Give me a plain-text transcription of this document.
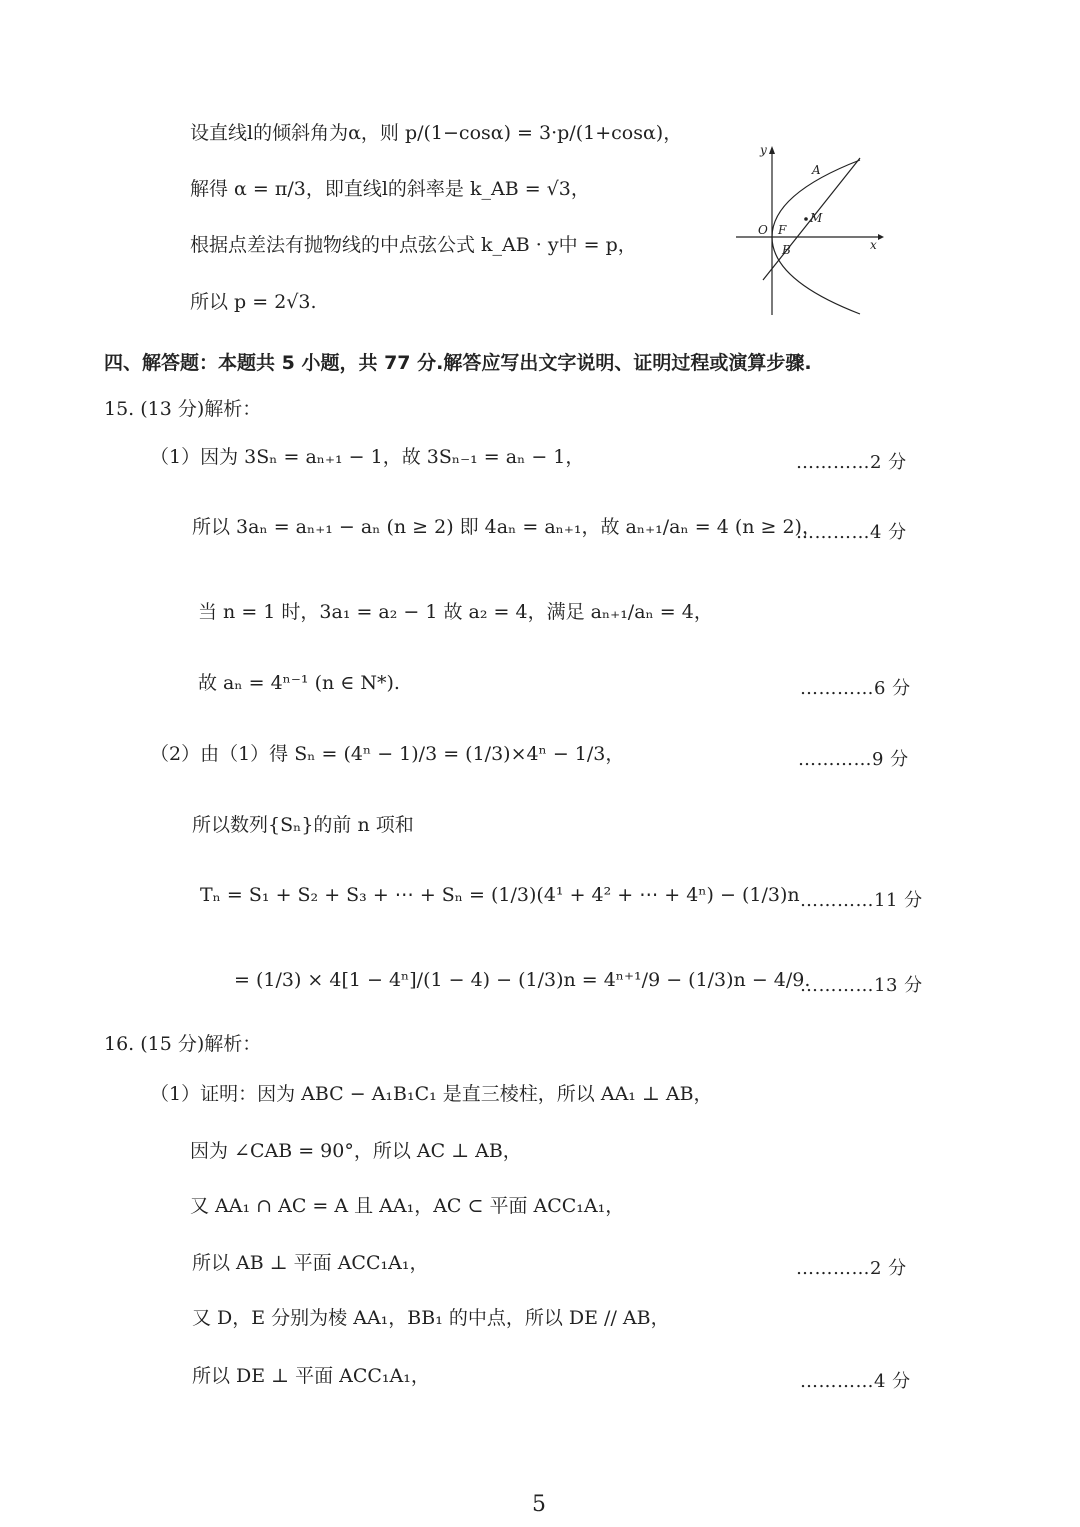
设直线l的倾斜角为α，则 p/(1−cosα) = 3·p/(1+cosα)，
解得 α = π/3，即直线l的斜率是 k_AB = √3，
根据点差法有抛物线的中点弦公式 k_AB · y中 = p，
所以 p = 2√3.
y
x
O F
M
A
B
四、解答题：本题共 5 小题，共 77 分.解答应写出文字说明、证明过程或演算步骤.
15. (13 分)解析：
（1）因为 3Sₙ = aₙ₊₁ − 1，故 3Sₙ₋₁ = aₙ − 1，	…………2 分
所以 3aₙ = aₙ₊₁ − aₙ (n ≥ 2) 即 4aₙ = aₙ₊₁，故 aₙ₊₁/aₙ = 4 (n ≥ 2)，
…………4 分
当 n = 1 时，3a₁ = a₂ − 1 故 a₂ = 4，满足 aₙ₊₁/aₙ = 4，
故 aₙ = 4ⁿ⁻¹ (n ∈ N*).	…………6 分
（2）由（1）得 Sₙ = (4ⁿ − 1)/3 = (1/3)×4ⁿ − 1/3，	…………9 分
所以数列{Sₙ}的前 n 项和
Tₙ = S₁ + S₂ + S₃ + ⋯ + Sₙ = (1/3)(4¹ + 4² + ⋯ + 4ⁿ) − (1/3)n …………11 分
= (1/3) × 4[1 − 4ⁿ]/(1 − 4) − (1/3)n = 4ⁿ⁺¹/9 − (1/3)n − 4/9.
…………13 分
16. (15 分)解析：
（1）证明：因为 ABC − A₁B₁C₁ 是直三棱柱，所以 AA₁ ⊥ AB，
因为 ∠CAB = 90°，所以 AC ⊥ AB，
又 AA₁ ∩ AC = A 且 AA₁，AC ⊂ 平面 ACC₁A₁，
所以 AB ⊥ 平面 ACC₁A₁，	…………2 分
又 D，E 分别为棱 AA₁，BB₁ 的中点，所以 DE // AB，
所以 DE ⊥ 平面 ACC₁A₁，	…………4 分
5
